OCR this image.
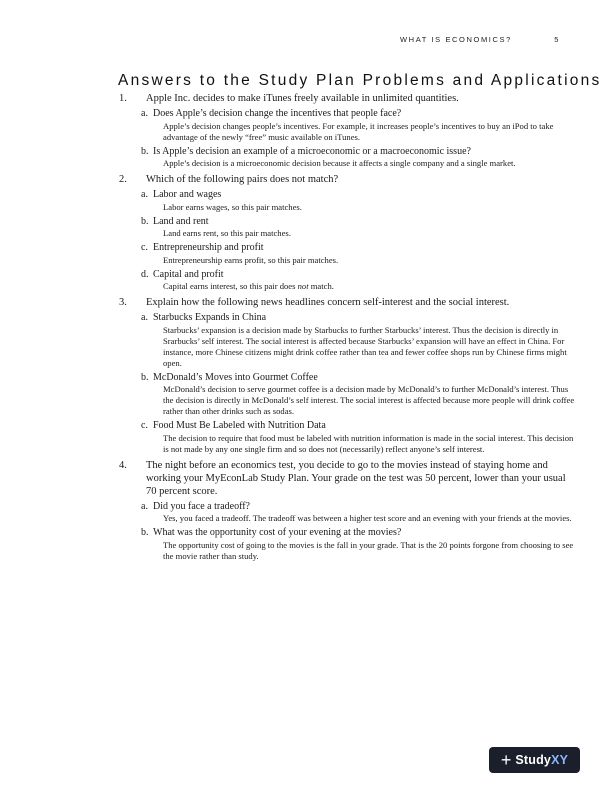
WHAT IS ECONOMICS?	5
Answers to the Study Plan Problems and Applications
1. Apple Inc. decides to make iTunes freely available in unlimited quantities.
a. Does Apple’s decision change the incentives that people face?
Apple’s decision changes people’s incentives. For example, it increases people’s incentives to buy an iPod to take advantage of the newly “free” music available on iTunes.
b. Is Apple’s decision an example of a microeconomic or a macroeconomic issue?
Apple’s decision is a microeconomic decision because it affects a single company and a single market.
2. Which of the following pairs does not match?
a. Labor and wages
Labor earns wages, so this pair matches.
b. Land and rent
Land earns rent, so this pair matches.
c. Entrepreneurship and profit
Entrepreneurship earns profit, so this pair matches.
d. Capital and profit
Capital earns interest, so this pair does not match.
3. Explain how the following news headlines concern self-interest and the social interest.
a. Starbucks Expands in China
Starbucks’ expansion is a decision made by Starbucks to further Starbucks’ interest. Thus the decision is directly in Srarbucks’ self interest. The social interest is affected because Starbucks’ expansion will have an effect in China. For instance, more Chinese citizens might drink coffee rather than tea and fewer coffee shops run by Chinese firms might open.
b. McDonald’s Moves into Gourmet Coffee
McDonald’s decision to serve gourmet coffee is a decision made by McDonald’s to further McDonald’s interest. Thus the decision is directly in McDonald’s self interest. The social interest is affected because more people will drink coffee rather than other drinks such as sodas.
c. Food Must Be Labeled with Nutrition Data
The decision to require that food must be labeled with nutrition information is made in the social interest. This decision is not made by any one single firm and so does not (necessarily) reflect anyone’s self interest.
4. The night before an economics test, you decide to go to the movies instead of staying home and working your MyEconLab Study Plan. Your grade on the test was 50 percent, lower than your usual 70 percent score.
a. Did you face a tradeoff?
Yes, you faced a tradeoff. The tradeoff was between a higher test score and an evening with your friends at the movies.
b. What was the opportunity cost of your evening at the movies?
The opportunity cost of going to the movies is the fall in your grade. That is the 20 points forgone from choosing to see the movie rather than study.
+ StudyXY
